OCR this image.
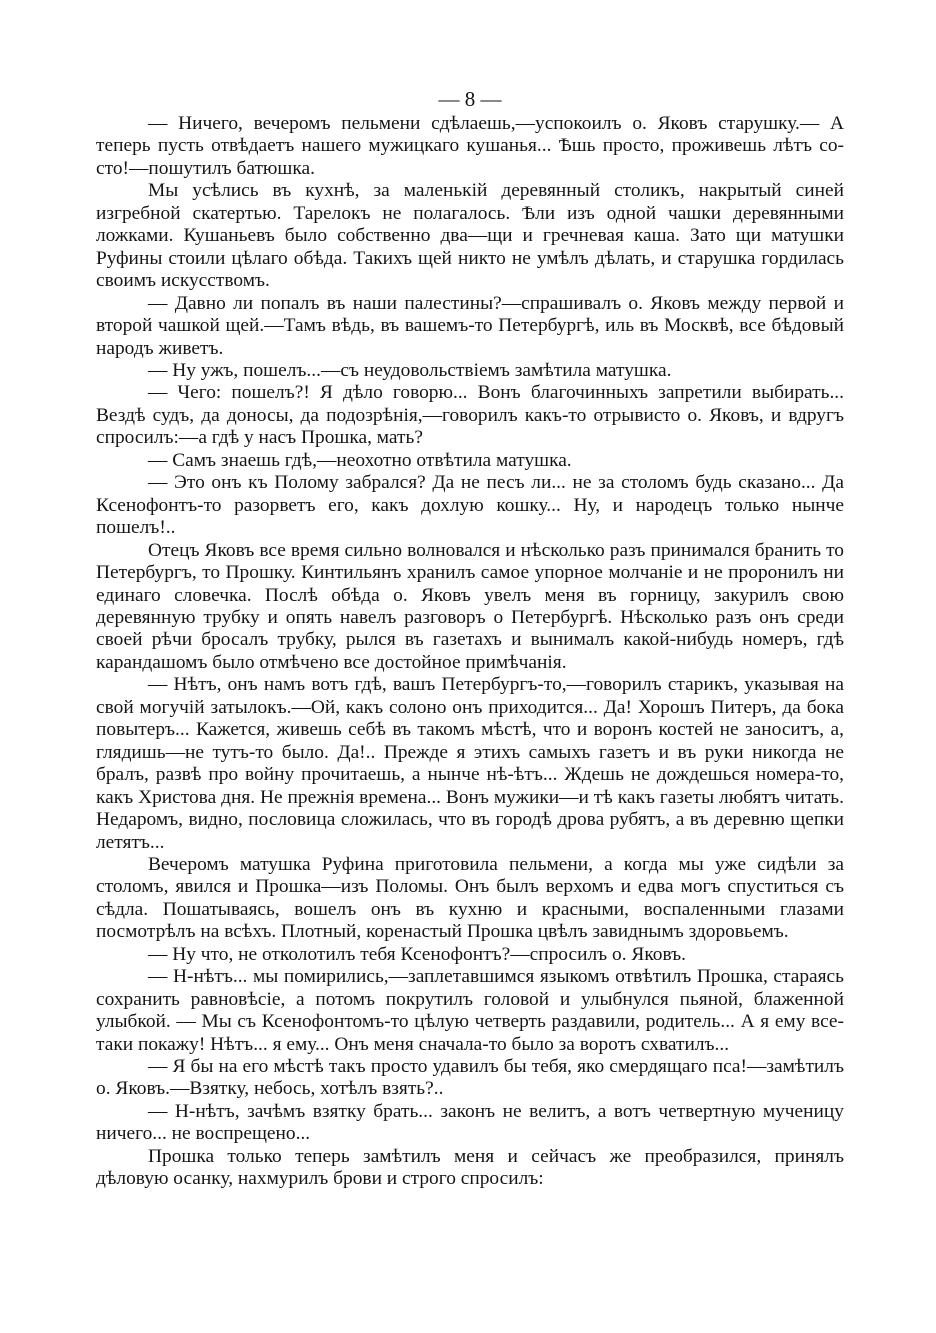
— 8 —

— Ничего, вечеромъ пельмени сдѣлаешь,—успокоилъ о. Яковъ старушку.— А теперь пусть отвѣдаетъ нашего мужицкаго кушанья... Ѣшь просто, проживешь лѣтъ со-сто!—пошутилъ батюшка.

Мы усѣлись въ кухнѣ, за маленькій деревянный столикъ, накрытый синей изгребной скатертью. Тарелокъ не полагалось. Ѣли изъ одной чашки деревянными ложками. Кушаньевъ было собственно два—щи и гречневая каша. Зато щи матушки Руфины стоили цѣлаго обѣда. Такихъ щей никто не умѣлъ дѣлать, и старушка гордилась своимъ искусствомъ.

— Давно ли попалъ въ наши палестины?—спрашивалъ о. Яковъ между первой и второй чашкой щей.—Тамъ вѣдь, въ вашемъ-то Петербургѣ, иль въ Москвѣ, все бѣдовый народъ живетъ.

— Ну ужъ, пошелъ...—съ неудовольствіемъ замѣтила матушка.

— Чего: пошелъ?! Я дѣло говорю... Вонъ благочинныхъ запретили выбирать... Вездѣ судъ, да доносы, да подозрѣнія,—говорилъ какъ-то отрывисто о. Яковъ, и вдругъ спросилъ:—а гдѣ у насъ Прошка, мать?

— Самъ знаешь гдѣ,—неохотно отвѣтила матушка.

— Это онъ къ Полому забрался? Да не песъ ли... не за столомъ будь сказано... Да Ксенофонтъ-то разорветъ его, какъ дохлую кошку... Ну, и народецъ только нынче пошелъ!..

Отецъ Яковъ все время сильно волновался и нѣсколько разъ принимался бранить то Петербургъ, то Прошку. Кинтильянъ хранилъ самое упорное молчаніе и не проронилъ ни единаго словечка. Послѣ обѣда о. Яковъ увелъ меня въ горницу, закурилъ свою деревянную трубку и опять навелъ разговоръ о Петербургѣ. Нѣсколько разъ онъ среди своей рѣчи бросалъ трубку, рылся въ газетахъ и вынималъ какой-нибудь номеръ, гдѣ карандашомъ было отмѣчено все достойное примѣчанія.

— Нѣтъ, онъ намъ вотъ гдѣ, вашъ Петербургъ-то,—говорилъ старикъ, указывая на свой могучій затылокъ.—Ой, какъ солоно онъ приходится... Да! Хорошъ Питеръ, да бока повытеръ... Кажется, живешь себѣ въ такомъ мѣстѣ, что и воронъ костей не заноситъ, а, глядишь—не тутъ-то было. Да!.. Прежде я этихъ самыхъ газетъ и въ руки никогда не бралъ, развѣ про войну прочитаешь, а нынче нѣ-ѣтъ... Ждешь не дождешься номера-то, какъ Христова дня. Не прежнія времена... Вонъ мужики—и тѣ какъ газеты любятъ читать. Недаромъ, видно, пословица сложилась, что въ городѣ дрова рубятъ, а въ деревню щепки летятъ...

Вечеромъ матушка Руфина приготовила пельмени, а когда мы уже сидѣли за столомъ, явился и Прошка—изъ Поломы. Онъ былъ верхомъ и едва могъ спуститься съ сѣдла. Пошатываясь, вошелъ онъ въ кухню и красными, воспаленными глазами посмотрѣлъ на всѣхъ. Плотный, коренастый Прошка цвѣлъ завиднымъ здоровьемъ.

— Ну что, не отколотилъ тебя Ксенофонтъ?—спросилъ о. Яковъ.

— Н-нѣтъ... мы помирились,—заплетавшимся языкомъ отвѣтилъ Прошка, стараясь сохранить равновѣсіе, а потомъ покрутилъ головой и улыбнулся пьяной, блаженной улыбкой. — Мы съ Ксенофонтомъ-то цѣлую четверть раздавили, родитель... А я ему все-таки покажу! Нѣтъ... я ему... Онъ меня сначала-то было за воротъ схватилъ...

— Я бы на его мѣстѣ такъ просто удавилъ бы тебя, яко смердящаго пса!—замѣтилъ о. Яковъ.—Взятку, небось, хотѣлъ взять?..

— Н-нѣтъ, зачѣмъ взятку брать... законъ не велитъ, а вотъ четвертную мученицу ничего... не воспрещено...

Прошка только теперь замѣтилъ меня и сейчасъ же преобразился, принялъ дѣловую осанку, нахмурилъ брови и строго спросилъ:
